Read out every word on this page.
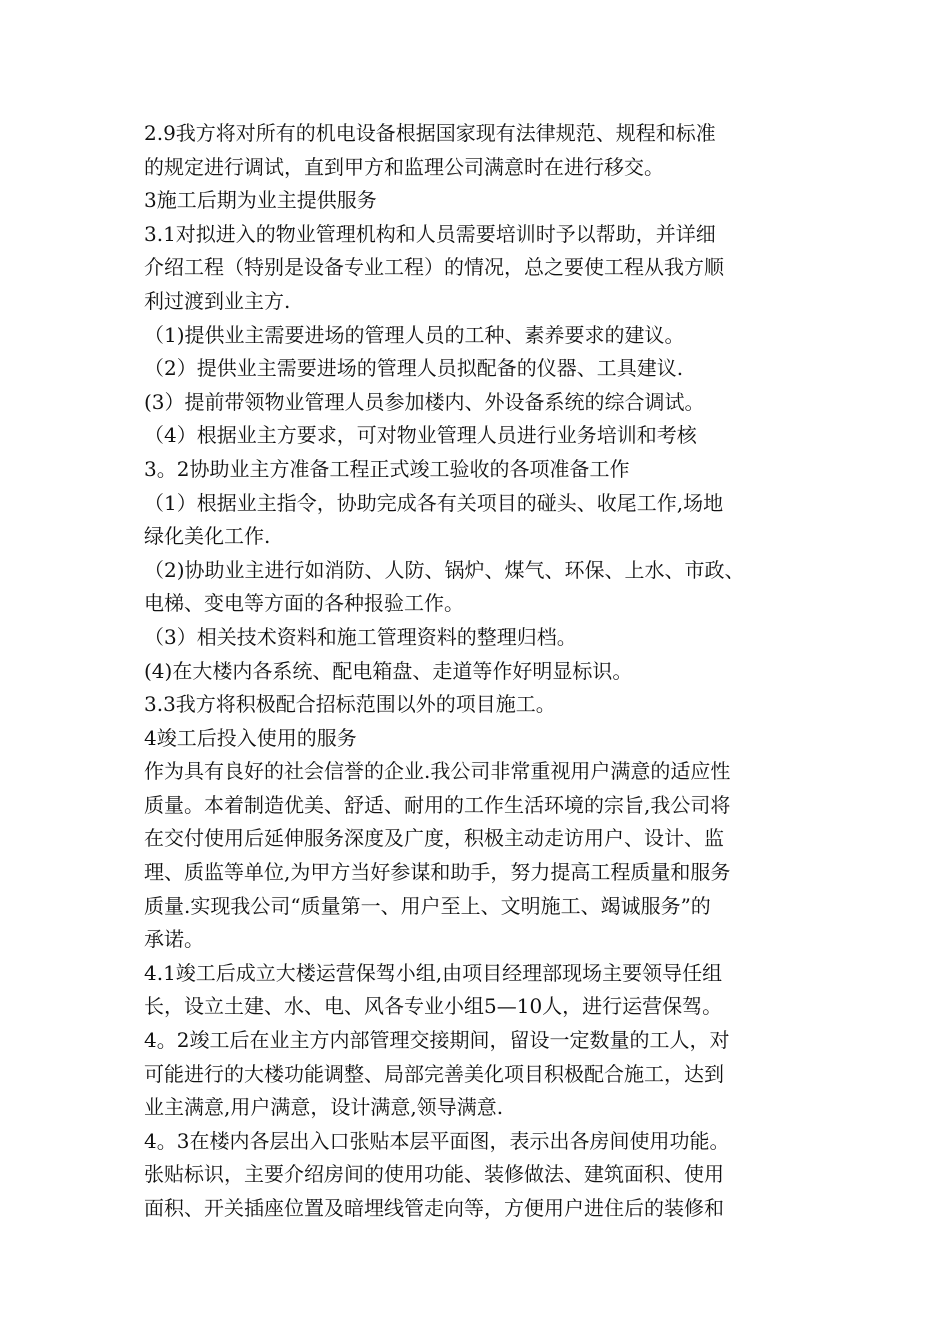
2.9我方将对所有的机电设备根据国家现有法律规范、规程和标准
的规定进行调试，直到甲方和监理公司满意时在进行移交。
3施工后期为业主提供服务
3.1对拟进入的物业管理机构和人员需要培训时予以帮助，并详细
介绍工程（特别是设备专业工程）的情况，总之要使工程从我方顺
利过渡到业主方.
（1)提供业主需要进场的管理人员的工种、素养要求的建议。
（2）提供业主需要进场的管理人员拟配备的仪器、工具建议.
(3）提前带领物业管理人员参加楼内、外设备系统的综合调试。
（4）根据业主方要求，可对物业管理人员进行业务培训和考核
3。2协助业主方准备工程正式竣工验收的各项准备工作
（1）根据业主指令，协助完成各有关项目的碰头、收尾工作,场地
绿化美化工作.
（2)协助业主进行如消防、人防、锅炉、煤气、环保、上水、市政、
电梯、变电等方面的各种报验工作。
（3）相关技术资料和施工管理资料的整理归档。
(4)在大楼内各系统、配电箱盘、走道等作好明显标识。
3.3我方将积极配合招标范围以外的项目施工。
4竣工后投入使用的服务
作为具有良好的社会信誉的企业.我公司非常重视用户满意的适应性
质量。本着制造优美、舒适、耐用的工作生活环境的宗旨,我公司将
在交付使用后延伸服务深度及广度，积极主动走访用户、设计、监
理、质监等单位,为甲方当好参谋和助手，努力提高工程质量和服务
质量.实现我公司“质量第一、用户至上、文明施工、竭诚服务”的
承诺。
4.1竣工后成立大楼运营保驾小组,由项目经理部现场主要领导任组
长，设立土建、水、电、风各专业小组5—10人，进行运营保驾。
4。2竣工后在业主方内部管理交接期间，留设一定数量的工人，对
可能进行的大楼功能调整、局部完善美化项目积极配合施工，达到
业主满意,用户满意，设计满意,领导满意.
4。3在楼内各层出入口张贴本层平面图，表示出各房间使用功能。
张贴标识，主要介绍房间的使用功能、装修做法、建筑面积、使用
面积、开关插座位置及暗埋线管走向等，方便用户进住后的装修和
